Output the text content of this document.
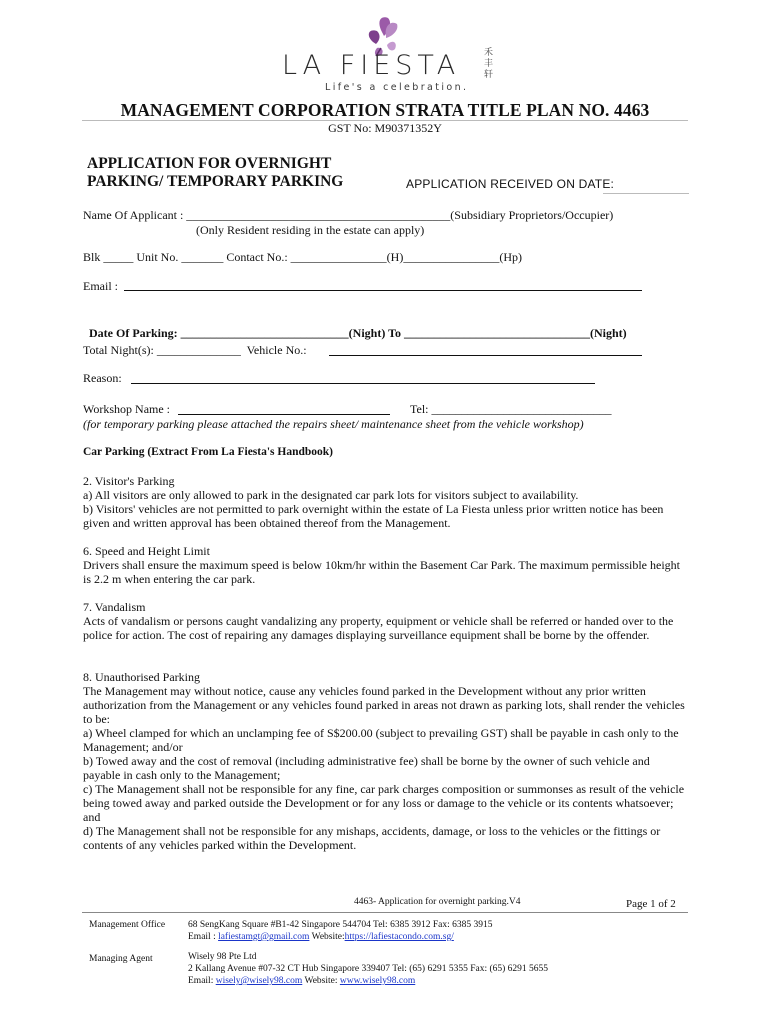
LA FIESTA
Life's a celebration.
禾丰轩
MANAGEMENT CORPORATION STRATA TITLE PLAN NO. 4463
GST No: M90371352Y
APPLICATION FOR OVERNIGHT
PARKING/ TEMPORARY PARKING	APPLICATION RECEIVED ON DATE:
Name Of Applicant : ____________________________________________(Subsidiary Proprietors/Occupier)
(Only Resident residing in the estate can apply)
Blk _____ Unit No. _______ Contact No.: ________________(H)________________(Hp)
Email :

Date Of Parking: ____________________________(Night) To _______________________________(Night)

Total Night(s): ______________  Vehicle No.:
Reason:
Workshop Name :	Tel: ______________________________
(for temporary parking please attached the repairs sheet/ maintenance sheet from the vehicle workshop)
Car Parking (Extract From La Fiesta's Handbook)

2. Visitor's Parking

a) All visitors are only allowed to park in the designated car park lots for visitors subject to availability.

b) Visitors' vehicles are not permitted to park overnight within the estate of La Fiesta unless prior written notice has been given and written approval has been obtained thereof from the Management.

6. Speed and Height Limit

Drivers shall ensure the maximum speed is below 10km/hr within the Basement Car Park. The maximum permissible height is 2.2 m when entering the car park.

7. Vandalism

Acts of vandalism or persons caught vandalizing any property, equipment or vehicle shall be referred or handed over to the police for action. The cost of repairing any damages displaying surveillance equipment shall be borne by the offender.

8. Unauthorised Parking

The Management may without notice, cause any vehicles found parked in the Development without any prior written authorization from the Management or any vehicles found parked in areas not drawn as parking lots, shall render the vehicles to be:

a) Wheel clamped for which an unclamping fee of S$200.00 (subject to prevailing GST) shall be payable in cash only to the Management; and/or

b) Towed away and the cost of removal (including administrative fee) shall be borne by the owner of such vehicle and payable in cash only to the Management;

c) The Management shall not be responsible for any fine, car park charges composition or summonses as result of the vehicle being towed away and parked outside the Development or for any loss or damage to the vehicle or its contents whatsoever; and

d) The Management shall not be responsible for any mishaps, accidents, damage, or loss to the vehicles or the fittings or contents of any vehicles parked within the Development.

4463- Application for overnight parking.V4	Page 1 of 2
Management Office 68 SengKang Square #B1-42 Singapore 544704 Tel: 6385 3912 Fax: 6385 3915
Email : lafiestamgt@gmail.com Website:https://lafiestacondo.com.sg/
Managing Agent	Wisely 98 Pte Ltd
2 Kallang Avenue #07-32 CT Hub Singapore 339407 Tel: (65) 6291 5355 Fax: (65) 6291 5655
Email: wisely@wisely98.com Website: www.wisely98.com
